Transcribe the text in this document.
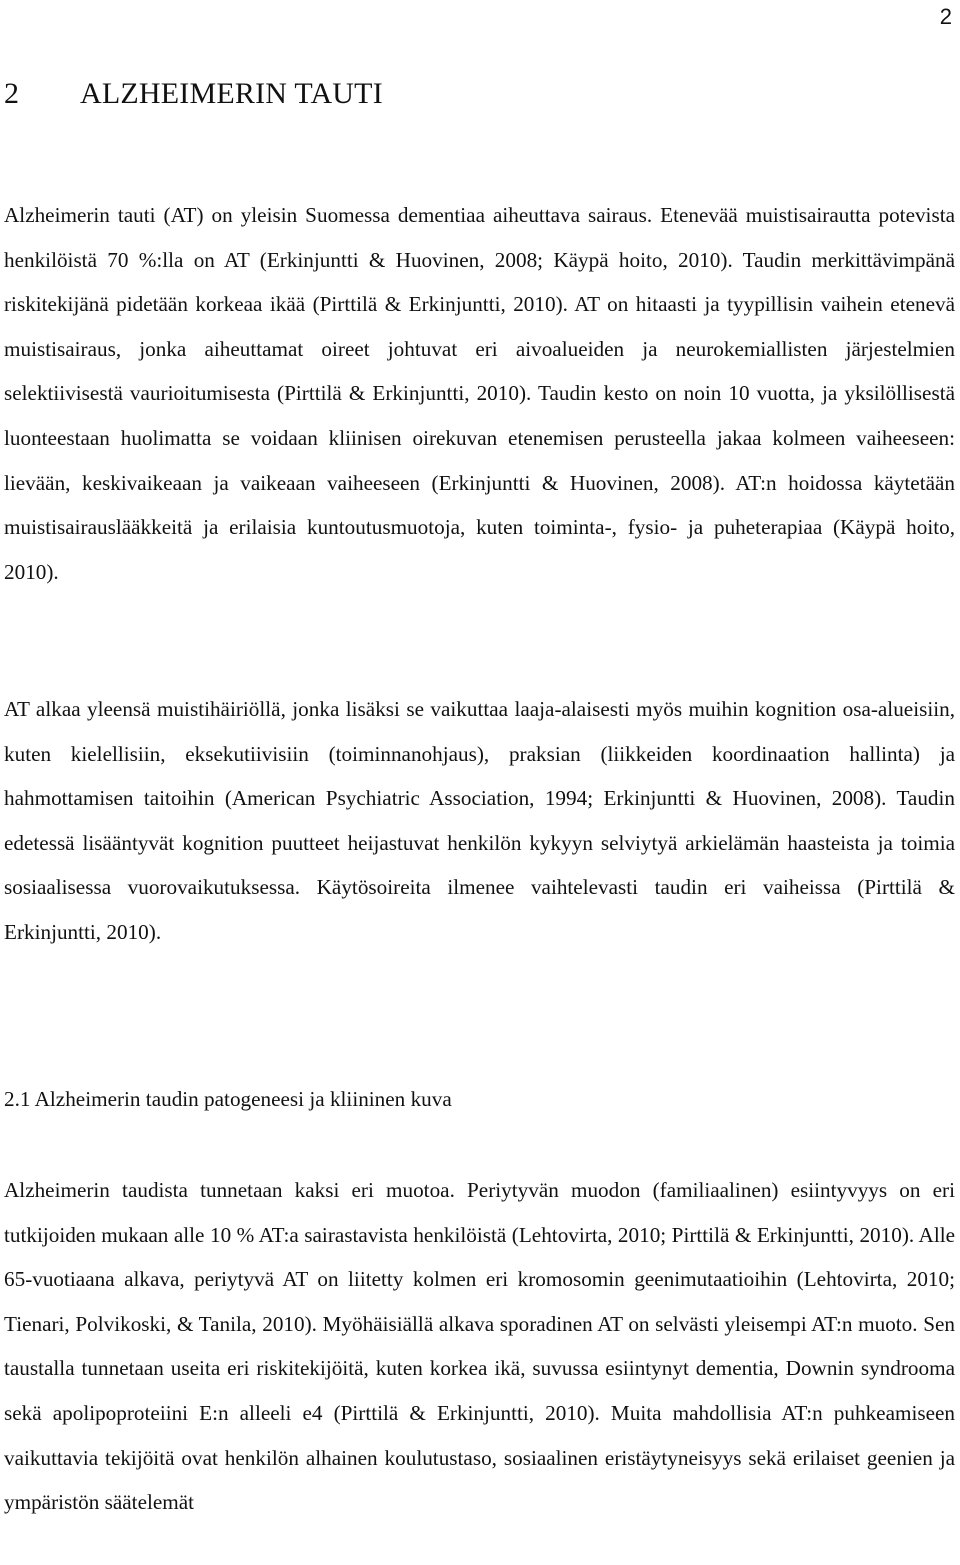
2
2 ALZHEIMERIN TAUTI

Alzheimerin tauti (AT) on yleisin Suomessa dementiaa aiheuttava sairaus. Etenevää muistisairautta potevista henkilöistä 70 %:lla on AT (Erkinjuntti & Huovinen, 2008; Käypä hoito, 2010). Taudin merkittävimpänä riskitekijänä pidetään korkeaa ikää (Pirttilä & Erkinjuntti, 2010). AT on hitaasti ja tyypillisin vaihein etenevä muistisairaus, jonka aiheuttamat oireet johtuvat eri aivoalueiden ja neurokemiallisten järjestelmien selektiivisestä vaurioitumisesta (Pirttilä & Erkinjuntti, 2010). Taudin kesto on noin 10 vuotta, ja yksilöllisestä luonteestaan huolimatta se voidaan kliinisen oirekuvan etenemisen perusteella jakaa kolmeen vaiheeseen: lievään, keskivaikeaan ja vaikeaan vaiheeseen (Erkinjuntti & Huovinen, 2008). AT:n hoidossa käytetään muistisairauslääkkeitä ja erilaisia kuntoutusmuotoja, kuten toiminta-, fysio- ja puheterapiaa (Käypä hoito, 2010).

AT alkaa yleensä muistihäiriöllä, jonka lisäksi se vaikuttaa laaja-alaisesti myös muihin kognition osa-alueisiin, kuten kielellisiin, eksekutiivisiin (toiminnanohjaus), praksian (liikkeiden koordinaation hallinta) ja hahmottamisen taitoihin (American Psychiatric Association, 1994; Erkinjuntti & Huovinen, 2008). Taudin edetessä lisääntyvät kognition puutteet heijastuvat henkilön kykyyn selviytyä arkielämän haasteista ja toimia sosiaalisessa vuorovaikutuksessa. Käytösoireita ilmenee vaihtelevasti taudin eri vaiheissa (Pirttilä & Erkinjuntti, 2010).

2.1 Alzheimerin taudin patogeneesi ja kliininen kuva

Alzheimerin taudista tunnetaan kaksi eri muotoa. Periytyvän muodon (familiaalinen) esiintyvyys on eri tutkijoiden mukaan alle 10 % AT:a sairastavista henkilöistä (Lehtovirta, 2010; Pirttilä & Erkinjuntti, 2010). Alle 65-vuotiaana alkava, periytyvä AT on liitetty kolmen eri kromosomin geenimutaatioihin (Lehtovirta, 2010; Tienari, Polvikoski, & Tanila, 2010). Myöhäisiällä alkava sporadinen AT on selvästi yleisempi AT:n muoto. Sen taustalla tunnetaan useita eri riskitekijöitä, kuten korkea ikä, suvussa esiintynyt dementia, Downin syndrooma sekä apolipoproteiini E:n alleeli e4 (Pirttilä & Erkinjuntti, 2010). Muita mahdollisia AT:n puhkeamiseen vaikuttavia tekijöitä ovat henkilön alhainen koulutustaso, sosiaalinen eristäytyneisyys sekä erilaiset geenien ja ympäristön säätelemät
